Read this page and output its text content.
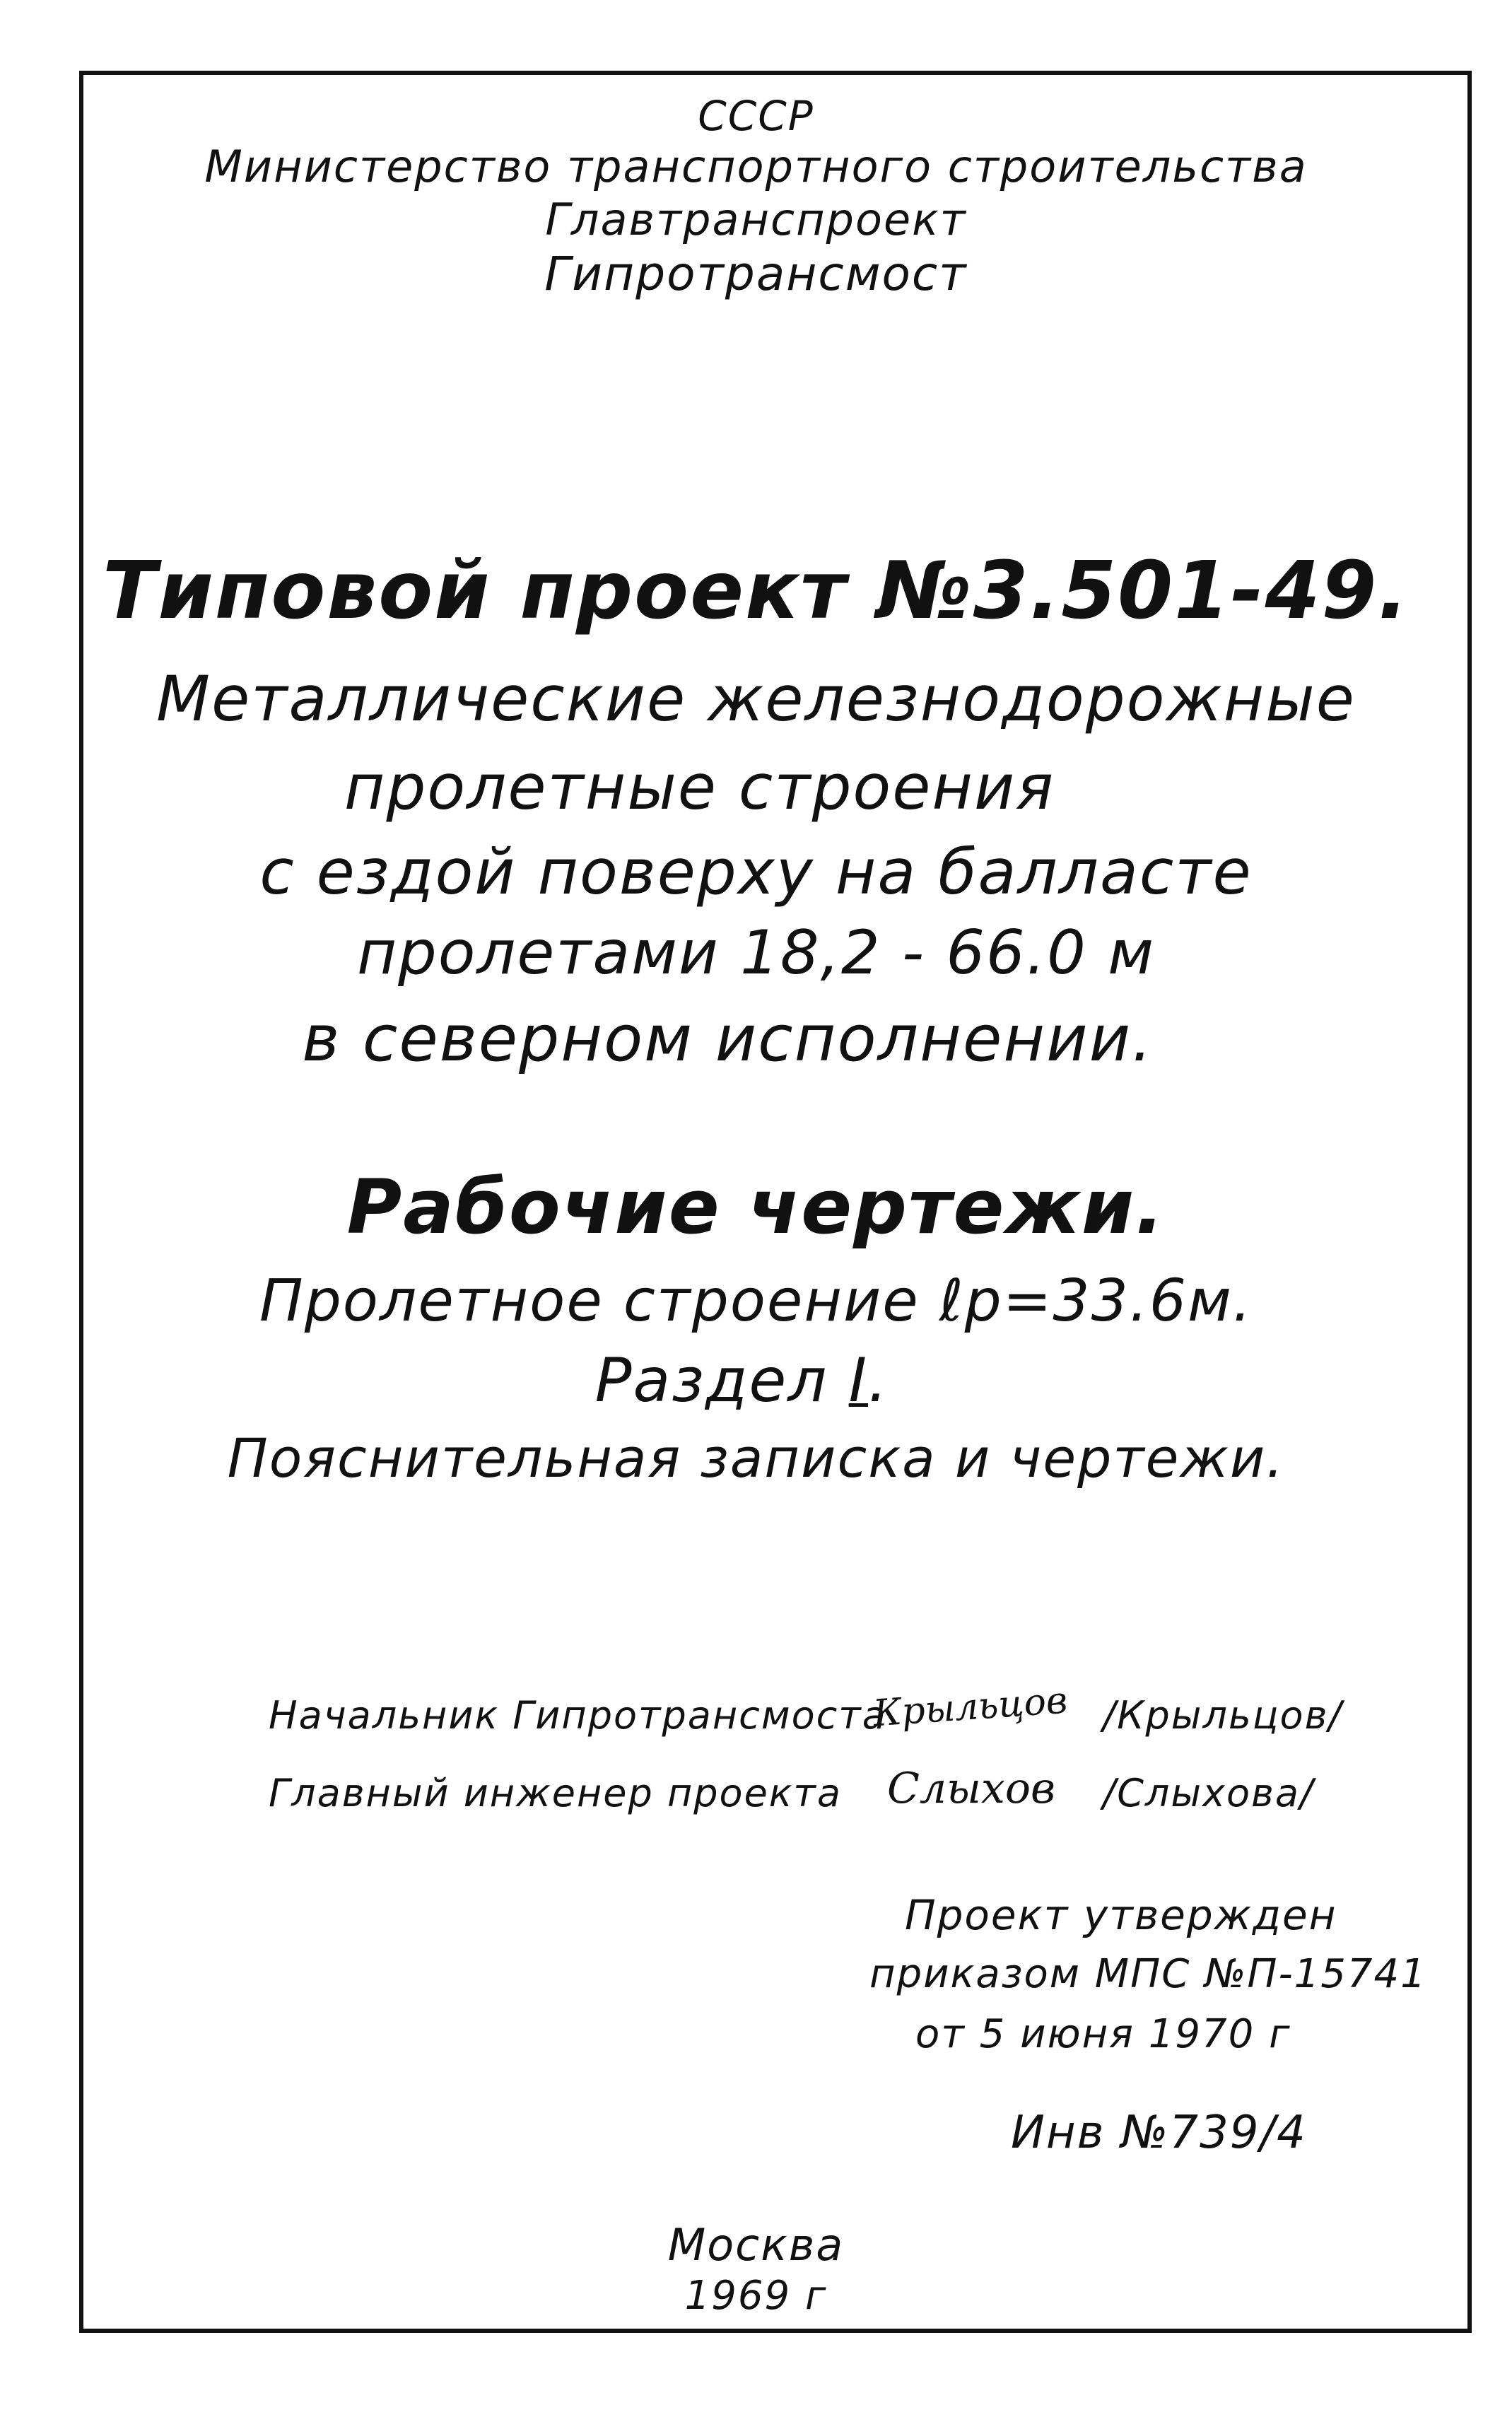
СССР
Министерство транспортного строительства
Главтранспроект
Гипротрансмост
Типовой проект №3.501-49.
Металлические железнодорожные
пролетные строения
с ездой поверху на балласте
пролетами 18,2 - 66.0 м
в северном исполнении.
Рабочие чертежи.
Пролетное строение ℓр=33.6м.
Раздел I.
Пояснительная записка и чертежи.
Начальник Гипротрансмоста
Крыльцов /Крыльцов/
Главный инженер проекта Слыхов /Слыхова/
Проект утвержден
приказом МПС №П-15741
от 5 июня 1970 г
Инв №739/4
Москва
1969 г
